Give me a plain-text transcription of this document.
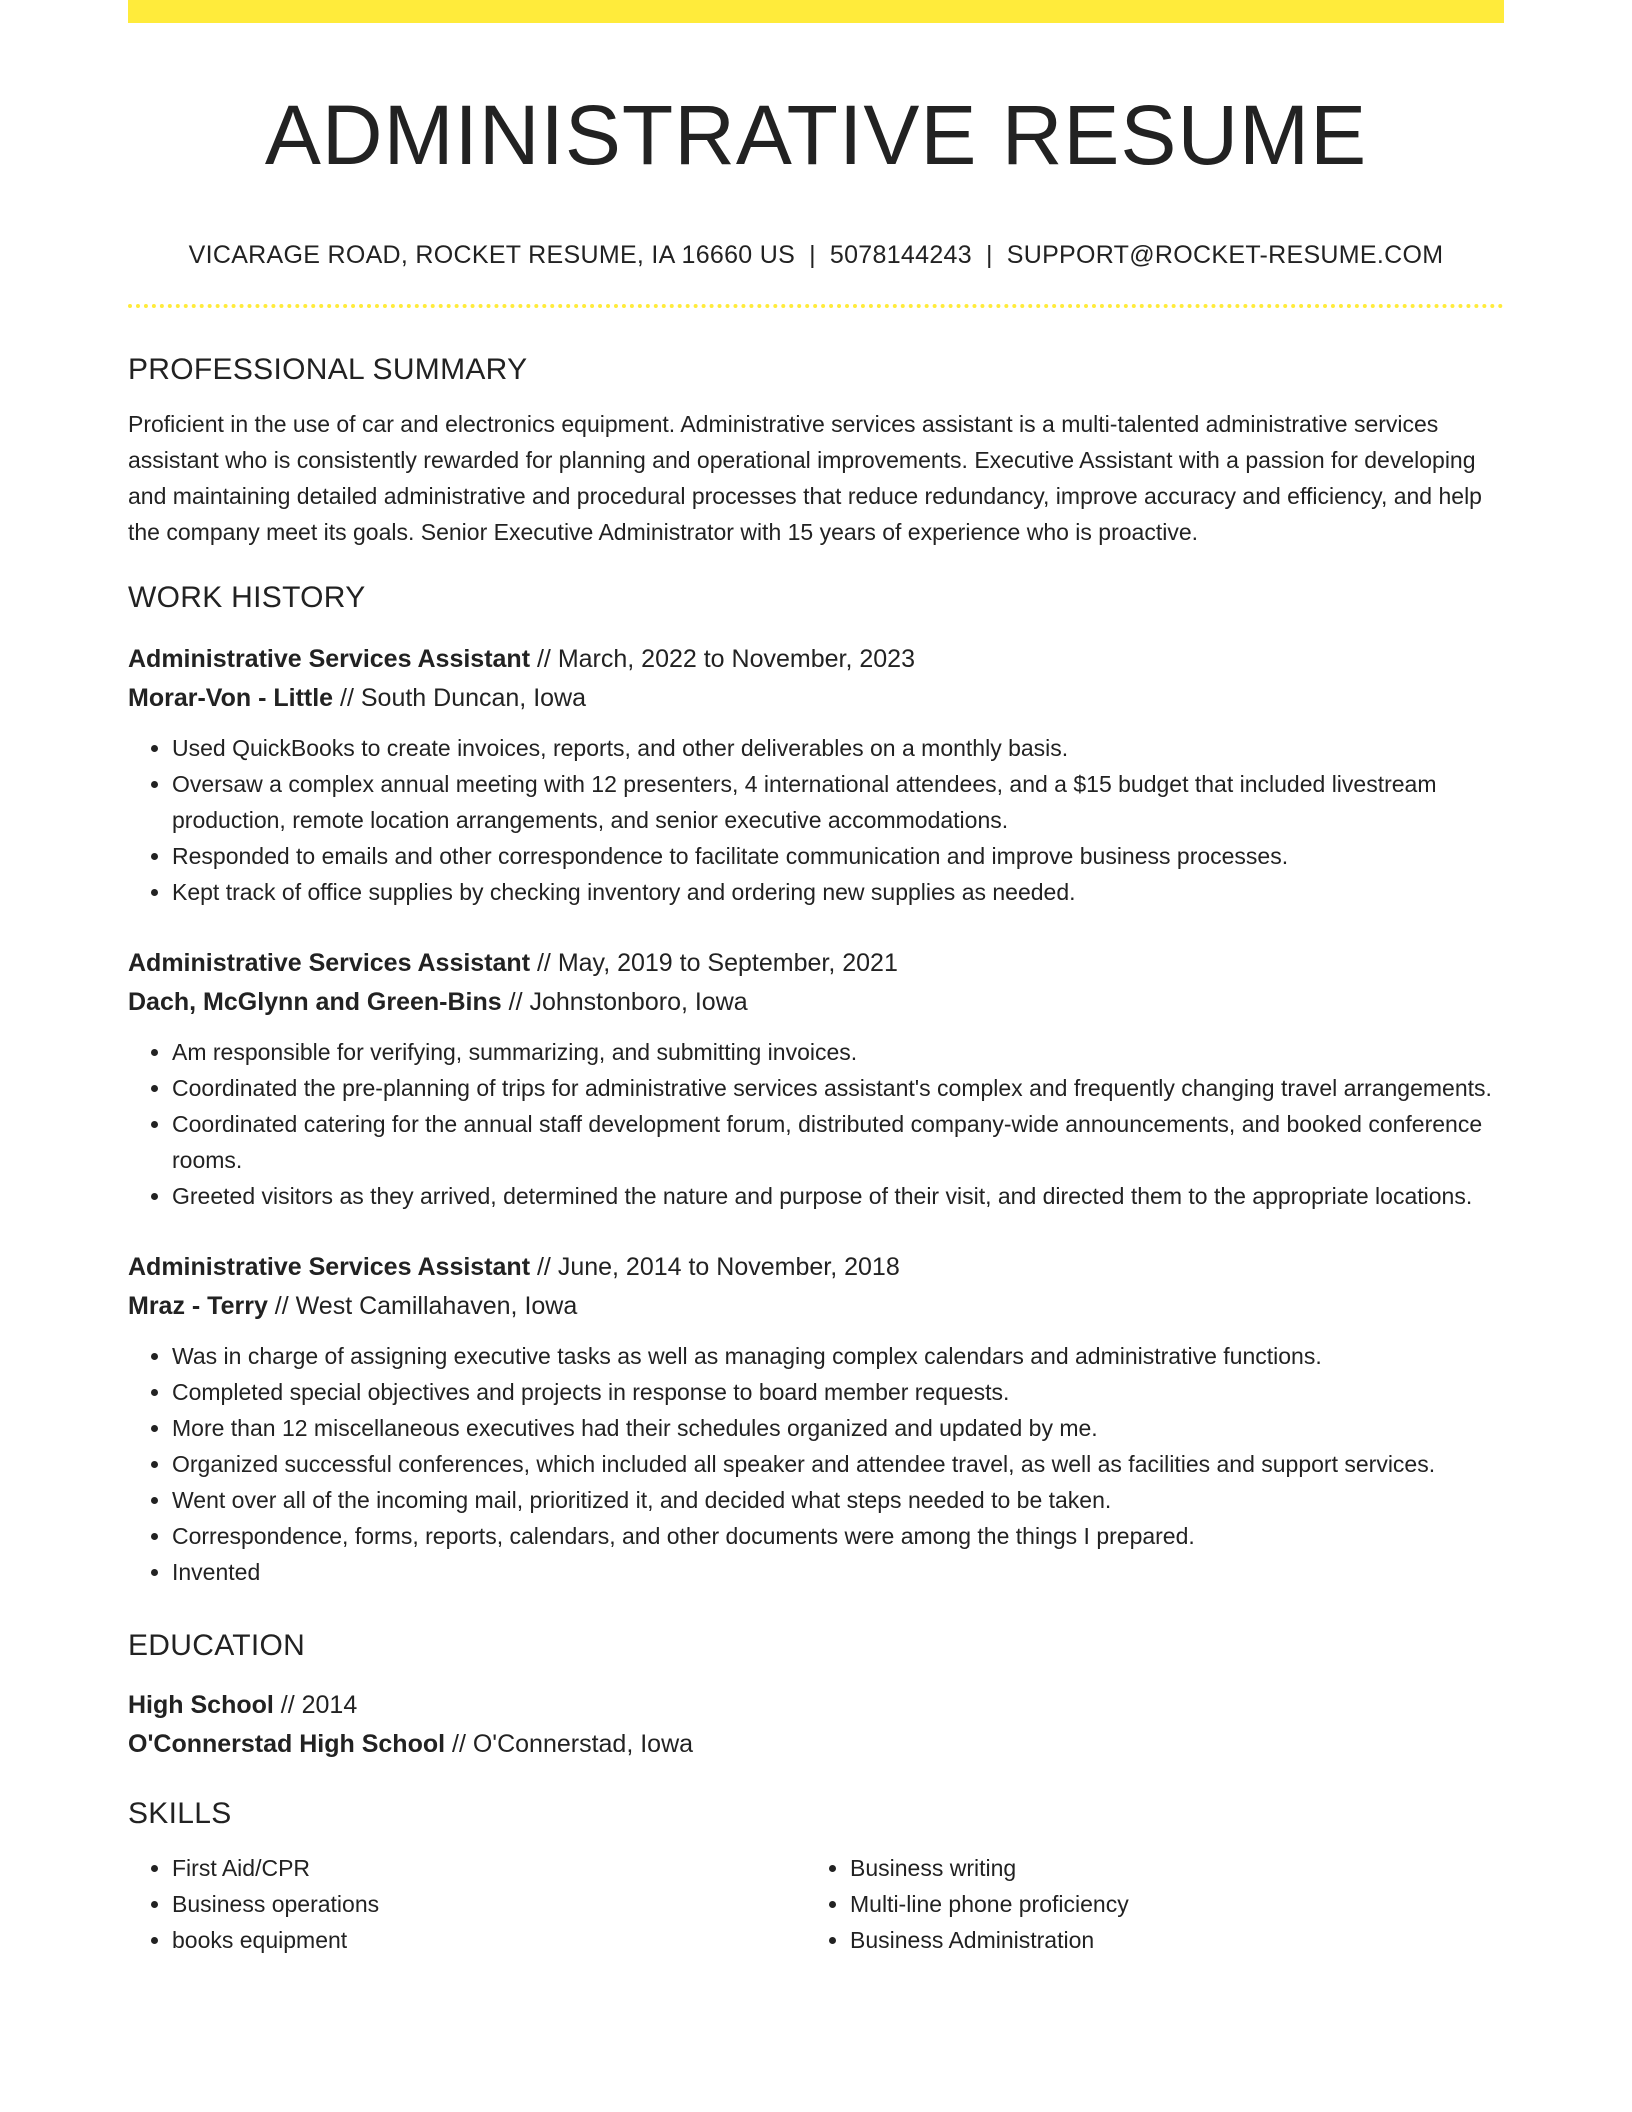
ADMINISTRATIVE RESUME
VICARAGE ROAD, ROCKET RESUME, IA 16660 US | 5078144243 | SUPPORT@ROCKET-RESUME.COM
PROFESSIONAL SUMMARY

Proficient in the use of car and electronics equipment. Administrative services assistant is a multi-talented administrative services assistant who is consistently rewarded for planning and operational improvements. Executive Assistant with a passion for developing and maintaining detailed administrative and procedural processes that reduce redundancy, improve accuracy and efficiency, and help the company meet its goals. Senior Executive Administrator with 15 years of experience who is proactive.

WORK HISTORY
Administrative Services Assistant // March, 2022 to November, 2023
Morar-Von - Little // South Duncan, Iowa
• Used QuickBooks to create invoices, reports, and other deliverables on a monthly basis.
• Oversaw a complex annual meeting with 12 presenters, 4 international attendees, and a $15 budget that included livestream production, remote location arrangements, and senior executive accommodations.
• Responded to emails and other correspondence to facilitate communication and improve business processes.
• Kept track of office supplies by checking inventory and ordering new supplies as needed.
Administrative Services Assistant // May, 2019 to September, 2021
Dach, McGlynn and Green-Bins // Johnstonboro, Iowa
• Am responsible for verifying, summarizing, and submitting invoices.
• Coordinated the pre-planning of trips for administrative services assistant's complex and frequently changing travel arrangements.
• Coordinated catering for the annual staff development forum, distributed company-wide announcements, and booked conference rooms.
• Greeted visitors as they arrived, determined the nature and purpose of their visit, and directed them to the appropriate locations.
Administrative Services Assistant // June, 2014 to November, 2018
Mraz - Terry // West Camillahaven, Iowa
• Was in charge of assigning executive tasks as well as managing complex calendars and administrative functions.
• Completed special objectives and projects in response to board member requests.
• More than 12 miscellaneous executives had their schedules organized and updated by me.
• Organized successful conferences, which included all speaker and attendee travel, as well as facilities and support services.
• Went over all of the incoming mail, prioritized it, and decided what steps needed to be taken.
• Correspondence, forms, reports, calendars, and other documents were among the things I prepared.
• Invented
EDUCATION
High School // 2014
O'Connerstad High School // O'Connerstad, Iowa
SKILLS
• First Aid/CPR
• Business operations
• books equipment
• Business writing
• Multi-line phone proficiency
• Business Administration
